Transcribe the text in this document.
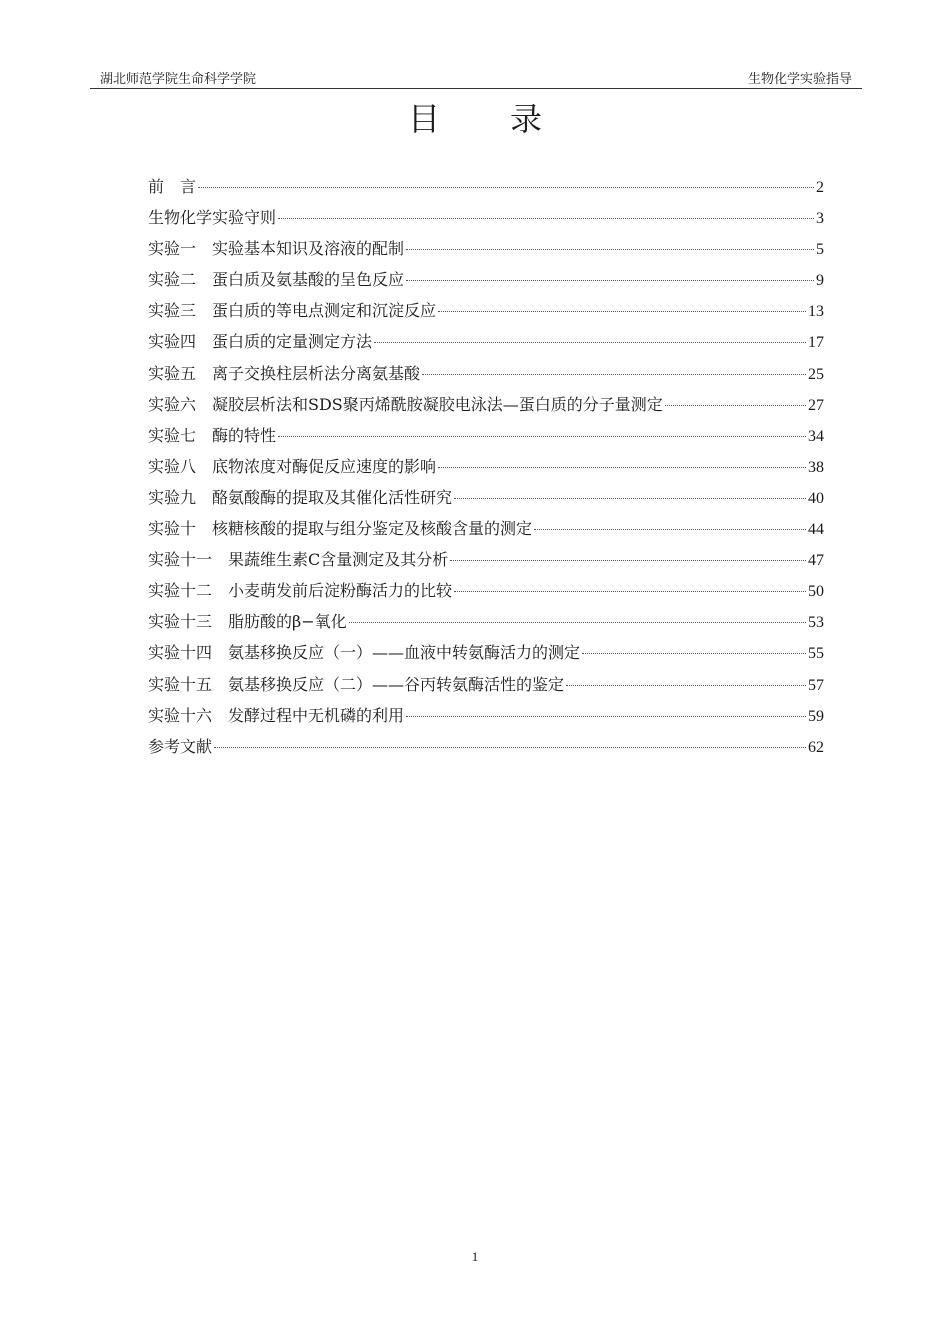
湖北师范学院生命科学学院	生物化学实验指导
目录
前　言	2
生物化学实验守则	3
实验一　实验基本知识及溶液的配制	5
实验二　蛋白质及氨基酸的呈色反应	9
实验三　蛋白质的等电点测定和沉淀反应	13
实验四　蛋白质的定量测定方法	17
实验五　离子交换柱层析法分离氨基酸	25
实验六　凝胶层析法和SDS聚丙烯酰胺凝胶电泳法—蛋白质的分子量测定	27
实验七　酶的特性	34
实验八　底物浓度对酶促反应速度的影响	38
实验九　酪氨酸酶的提取及其催化活性研究	40
实验十　核糖核酸的提取与组分鉴定及核酸含量的测定	44
实验十一　果蔬维生素C含量测定及其分析	47
实验十二　小麦萌发前后淀粉酶活力的比较	50
实验十三　脂肪酸的β−氧化	53
实验十四　氨基移换反应（一）——血液中转氨酶活力的测定	55
实验十五　氨基移换反应（二）——谷丙转氨酶活性的鉴定	57
实验十六　发酵过程中无机磷的利用	59
参考文献	62
1
